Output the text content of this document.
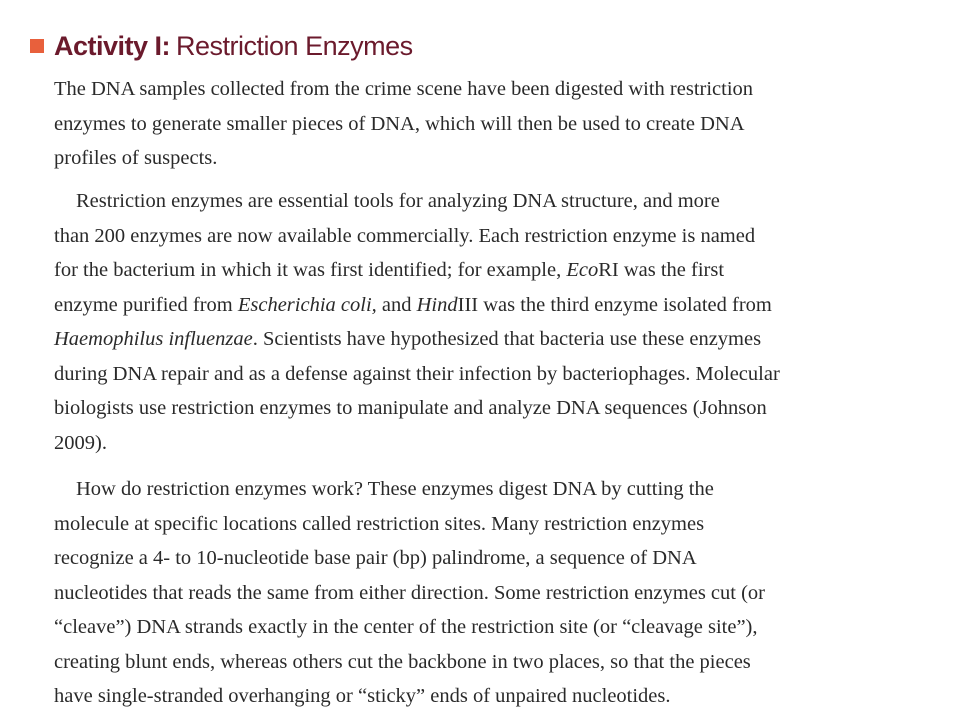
Activity I: Restriction Enzymes
The DNA samples collected from the crime scene have been digested with restriction
enzymes to generate smaller pieces of DNA, which will then be used to create DNA
profiles of suspects.
Restriction enzymes are essential tools for analyzing DNA structure, and more
than 200 enzymes are now available commercially. Each restriction enzyme is named
for the bacterium in which it was first identified; for example, EcoRI was the first
enzyme purified from Escherichia coli, and HindIII was the third enzyme isolated from
Haemophilus influenzae. Scientists have hypothesized that bacteria use these enzymes
during DNA repair and as a defense against their infection by bacteriophages. Molecular
biologists use restriction enzymes to manipulate and analyze DNA sequences (Johnson
2009).
How do restriction enzymes work? These enzymes digest DNA by cutting the
molecule at specific locations called restriction sites. Many restriction enzymes
recognize a 4- to 10-nucleotide base pair (bp) palindrome, a sequence of DNA
nucleotides that reads the same from either direction. Some restriction enzymes cut (or
“cleave”) DNA strands exactly in the center of the restriction site (or “cleavage site”),
creating blunt ends, whereas others cut the backbone in two places, so that the pieces
have single-stranded overhanging or “sticky” ends of unpaired nucleotides.
